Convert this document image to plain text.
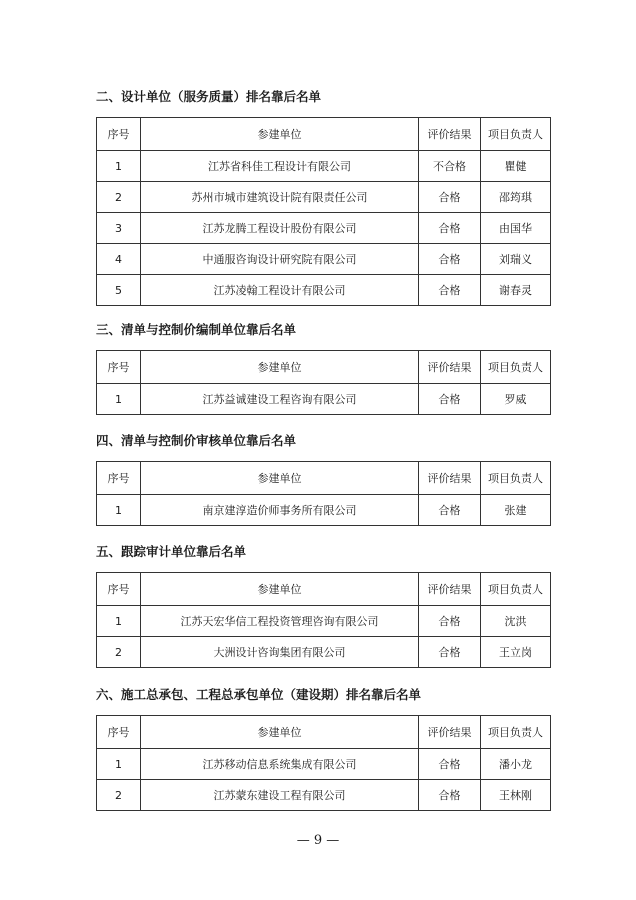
二、设计单位（服务质量）排名靠后名单
序号	参建单位	评价结果	项目负责人
1	江苏省科佳工程设计有限公司	不合格	瞿健
2	苏州市城市建筑设计院有限责任公司	合格	邵筠琪
3	江苏龙腾工程设计股份有限公司	合格	由国华
4	中通服咨询设计研究院有限公司	合格	刘瑞义
5	江苏凌翰工程设计有限公司	合格	谢春灵
三、清单与控制价编制单位靠后名单
序号	参建单位	评价结果	项目负责人
1	江苏益诚建设工程咨询有限公司	合格	罗威
四、清单与控制价审核单位靠后名单
序号	参建单位	评价结果	项目负责人
1	南京建淳造价师事务所有限公司	合格	张建
五、跟踪审计单位靠后名单
序号	参建单位	评价结果	项目负责人
1	江苏天宏华信工程投资管理咨询有限公司	合格	沈洪
2	大洲设计咨询集团有限公司	合格	王立岗
六、施工总承包、工程总承包单位（建设期）排名靠后名单
序号	参建单位	评价结果	项目负责人
1	江苏移动信息系统集成有限公司	合格	潘小龙
2	江苏蒙东建设工程有限公司	合格	王林刚
— 9 —
